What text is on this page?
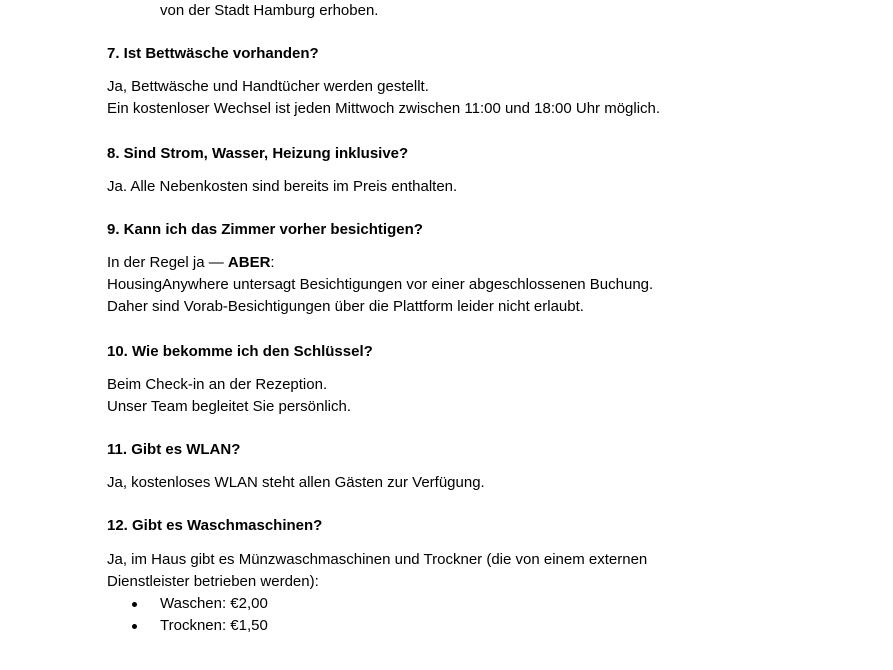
von der Stadt Hamburg erhoben.
7. Ist Bettwäsche vorhanden?
Ja, Bettwäsche und Handtücher werden gestellt.
Ein kostenloser Wechsel ist jeden Mittwoch zwischen 11:00 und 18:00 Uhr möglich.
8. Sind Strom, Wasser, Heizung inklusive?
Ja. Alle Nebenkosten sind bereits im Preis enthalten.
9. Kann ich das Zimmer vorher besichtigen?
In der Regel ja — ABER:
HousingAnywhere untersagt Besichtigungen vor einer abgeschlossenen Buchung.
Daher sind Vorab-Besichtigungen über die Plattform leider nicht erlaubt.
10. Wie bekomme ich den Schlüssel?
Beim Check-in an der Rezeption.
Unser Team begleitet Sie persönlich.
11. Gibt es WLAN?
Ja, kostenloses WLAN steht allen Gästen zur Verfügung.
12. Gibt es Waschmaschinen?
Ja, im Haus gibt es Münzwaschmaschinen und Trockner (die von einem externen
Dienstleister betrieben werden):
Waschen: €2,00
Trocknen: €1,50
